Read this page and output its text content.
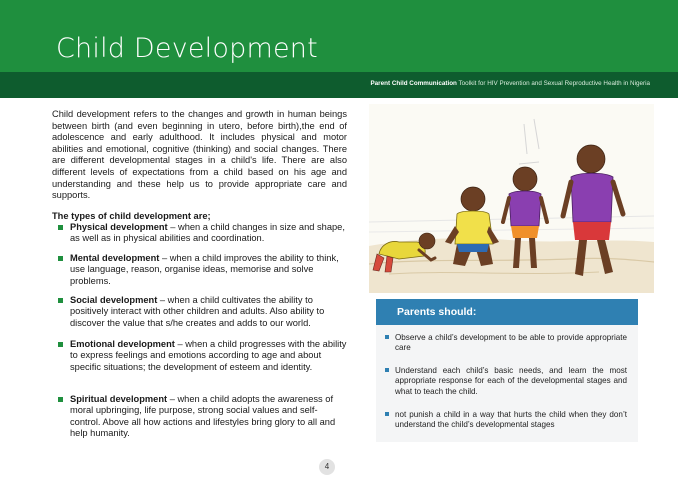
Child Development
Parent Child Communication Toolkit for HIV Prevention and Sexual Reproductive Health in Nigeria

Child development refers to the changes and growth in human beings between birth (and even beginning in utero, before birth),the end of adolescence and early adulthood. It includes physical and motor abilities and emotional, cognitive (thinking) and social changes. There are different developmental stages in a child's life. There are also different levels of expectations from a child based on his age and understanding and these help us to provide appropriate care and supports.

The types of child development are;
Physical development – when a child changes in size and shape, as well as in physical abilities and coordination.
Mental development – when a child improves the ability to think, use language, reason, organise ideas, memorise and solve problems.
Social development – when a child cultivates the ability to positively interact with other children and adults. Also ability to discover the value that s/he creates and adds to our world.
Emotional development – when a child progresses with the ability to express feelings and emotions according to age and about specific situations; the development of esteem and identity.
Spiritual development – when a child adopts the awareness of moral upbringing, life purpose, strong social values and self-control. Above all how actions and lifestyles bring glory to all and help humanity.
Parents should:
Observe a child’s development to be able to provide appropriate care
Understand each child’s basic needs, and learn the most appropriate response for each of the developmental stages and what to teach the child.
not punish a child in a way that hurts the child when they don’t understand the child’s developmental stages
4
